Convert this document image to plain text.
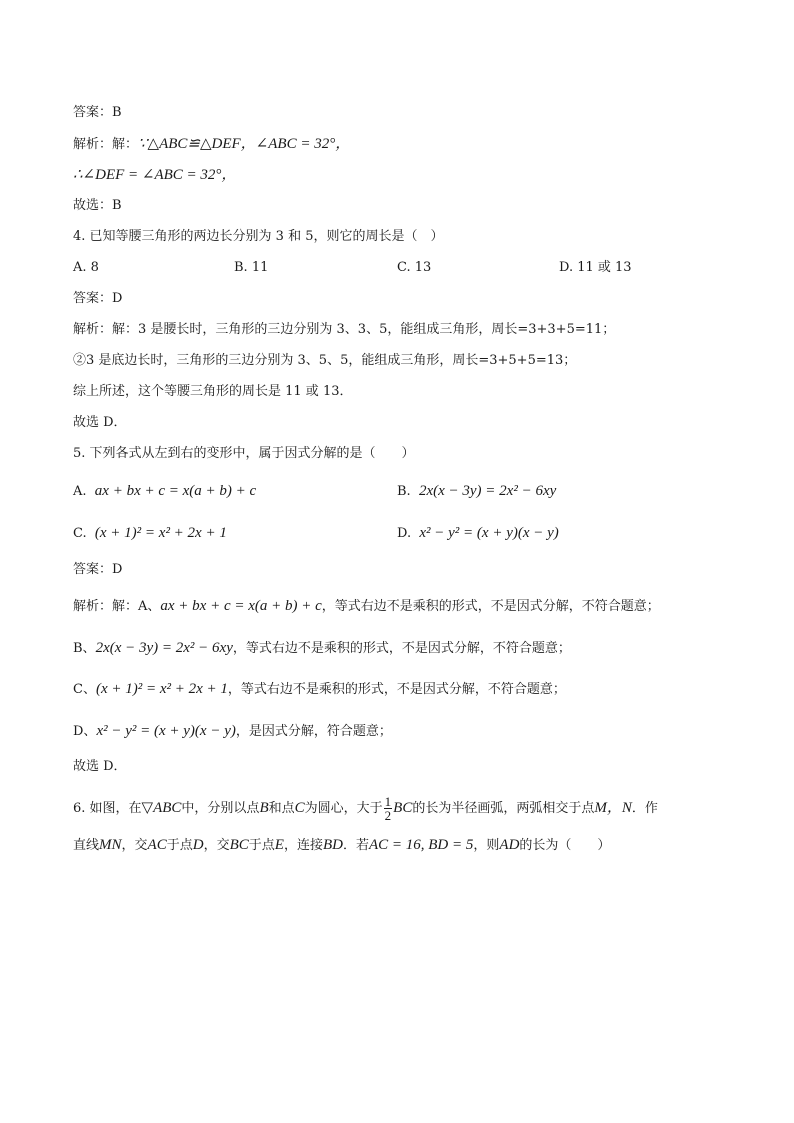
答案：B
解析：解：∵△ABC≌△DEF，∠ABC = 32°，
∴∠DEF = ∠ABC = 32°，
故选：B
4. 已知等腰三角形的两边长分别为 3 和 5，则它的周长是（　）
A. 8	B. 11	C. 13	D. 11 或 13
答案：D
解析：解：3 是腰长时，三角形的三边分别为 3、3、5，能组成三角形，周长=3+3+5=11；
②3 是底边长时，三角形的三边分别为 3、5、5，能组成三角形，周长=3+5+5=13；
综上所述，这个等腰三角形的周长是 11 或 13．
故选 D．
5. 下列各式从左到右的变形中，属于因式分解的是（　　）
A. ax + bx + c = x(a + b) + c	B. 2x(x − 3y) = 2x² − 6xy
C. (x + 1)² = x² + 2x + 1	D. x² − y² = (x + y)(x − y)
答案：D
解析：解：A、ax + bx + c = x(a + b) + c，等式右边不是乘积的形式，不是因式分解，不符合题意；
B、2x(x − 3y) = 2x² − 6xy，等式右边不是乘积的形式，不是因式分解，不符合题意；
C、(x + 1)² = x² + 2x + 1，等式右边不是乘积的形式，不是因式分解，不符合题意；
D、x² − y² = (x + y)(x − y)，是因式分解，符合题意；
故选 D．
6. 如图，在▽ABC中，分别以点B和点C为圆心，大于 $\frac{1}{2}$ BC的长为半径画弧，两弧相交于点M，N．作
直线MN，交AC于点D，交BC于点E，连接BD．若AC = 16, BD = 5，则AD的长为（　　）
